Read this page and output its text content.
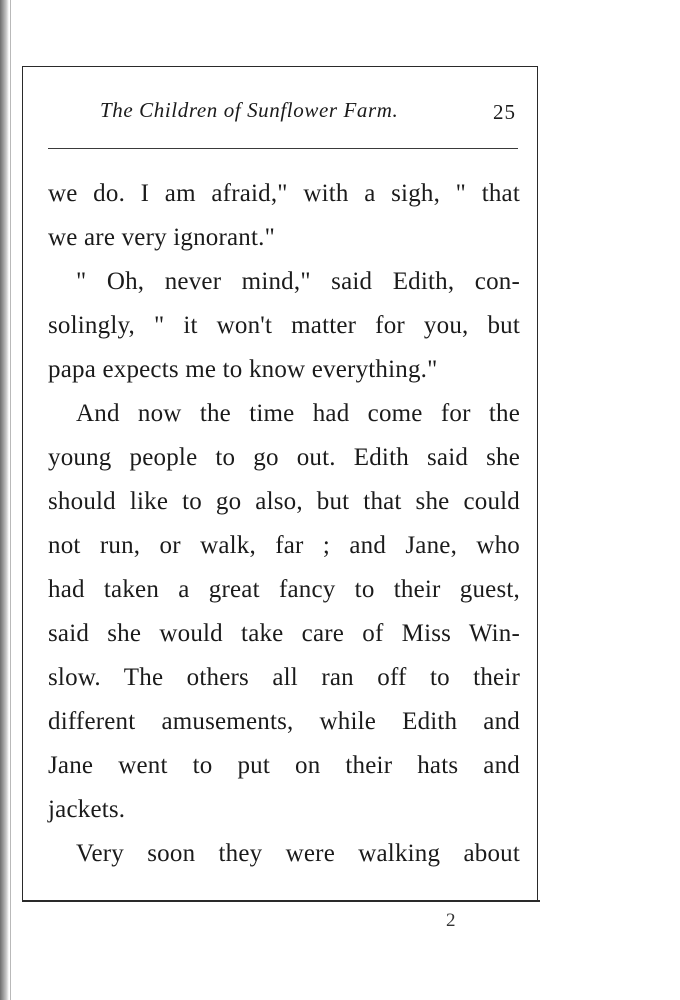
The Children of Sunflower Farm.	25
we do. I am afraid," with a sigh, " that
we are very ignorant."
" Oh, never mind," said Edith, con-
solingly, " it won't matter for you, but
papa expects me to know everything."
And now the time had come for the
young people to go out. Edith said she
should like to go also, but that she could
not run, or walk, far ; and Jane, who
had taken a great fancy to their guest,
said she would take care of Miss Win-
slow. The others all ran off to their
different amusements, while Edith and
Jane went to put on their hats and
jackets.
Very soon they were walking about
2
